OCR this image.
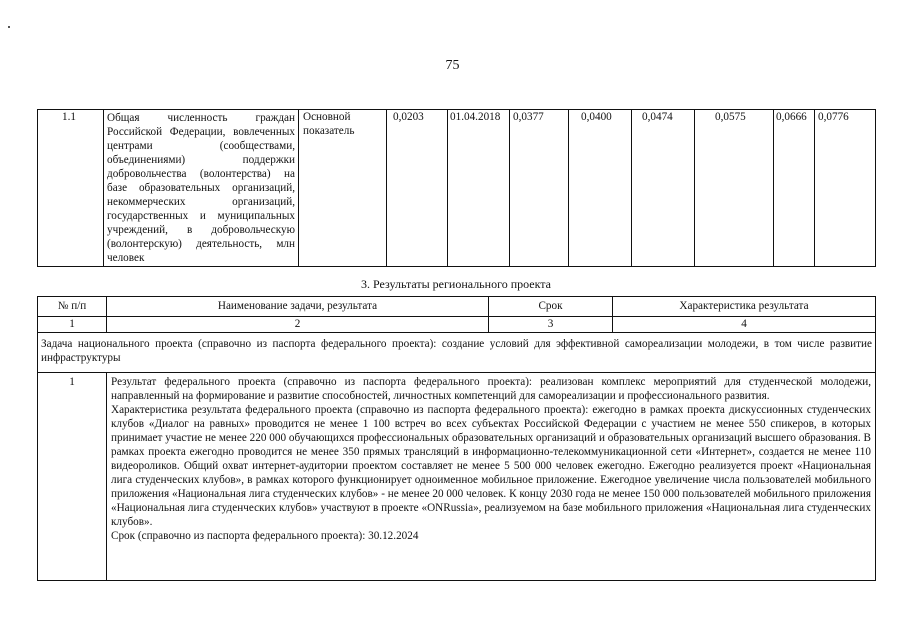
75
1.1	Общая численность граждан Российской Федерации, вовлеченных центрами (сообществами, объединениями) поддержки добровольчества (волонтерства) на базе образовательных организаций, некоммерческих организаций, государственных и муниципальных учреждений, в добровольческую (волонтерскую) деятельность, млн человек	Основной показатель	0,0203	01.04.2018	0,0377	0,0400	0,0474	0,0575	0,0666	0,0776
3. Результаты регионального проекта
№ п/п	Наименование задачи, результата	Срок	Характеристика результата
1	2	3	4
Задача национального проекта (справочно из паспорта федерального проекта): создание условий для эффективной самореализации молодежи, в том числе развитие инфраструктуры			
1	Результат федерального проекта (справочно из паспорта федерального проекта): реализован комплекс мероприятий для студенческой молодежи, направленный на формирование и развитие способностей, личностных компетенций для самореализации и профессионального развития.

Характеристика результата федерального проекта (справочно из паспорта федерального проекта): ежегодно в рамках проекта дискуссионных студенческих клубов «Диалог на равных» проводится не менее 1 100 встреч во всех субъектах Российской Федерации с участием не менее 550 спикеров, в которых принимает участие не менее 220 000 обучающихся профессиональных образовательных организаций и образовательных организаций высшего образования. В рамках проекта ежегодно проводится не менее 350 прямых трансляций в информационно-телекоммуникационной сети «Интернет», создается не менее 110 видеороликов. Общий охват интернет-аудитории проектом составляет не менее 5 500 000 человек ежегодно. Ежегодно реализуется проект «Национальная лига студенческих клубов», в рамках которого функционирует одноименное мобильное приложение. Ежегодное увеличение числа пользователей мобильного приложения «Национальная лига студенческих клубов» - не менее 20 000 человек. К концу 2030 года не менее 150 000 пользователей мобильного приложения «Национальная лига студенческих клубов» участвуют в проекте «ONRussia», реализуемом на базе мобильного приложения «Национальная лига студенческих клубов».

Срок (справочно из паспорта федерального проекта): 30.12.2024		
